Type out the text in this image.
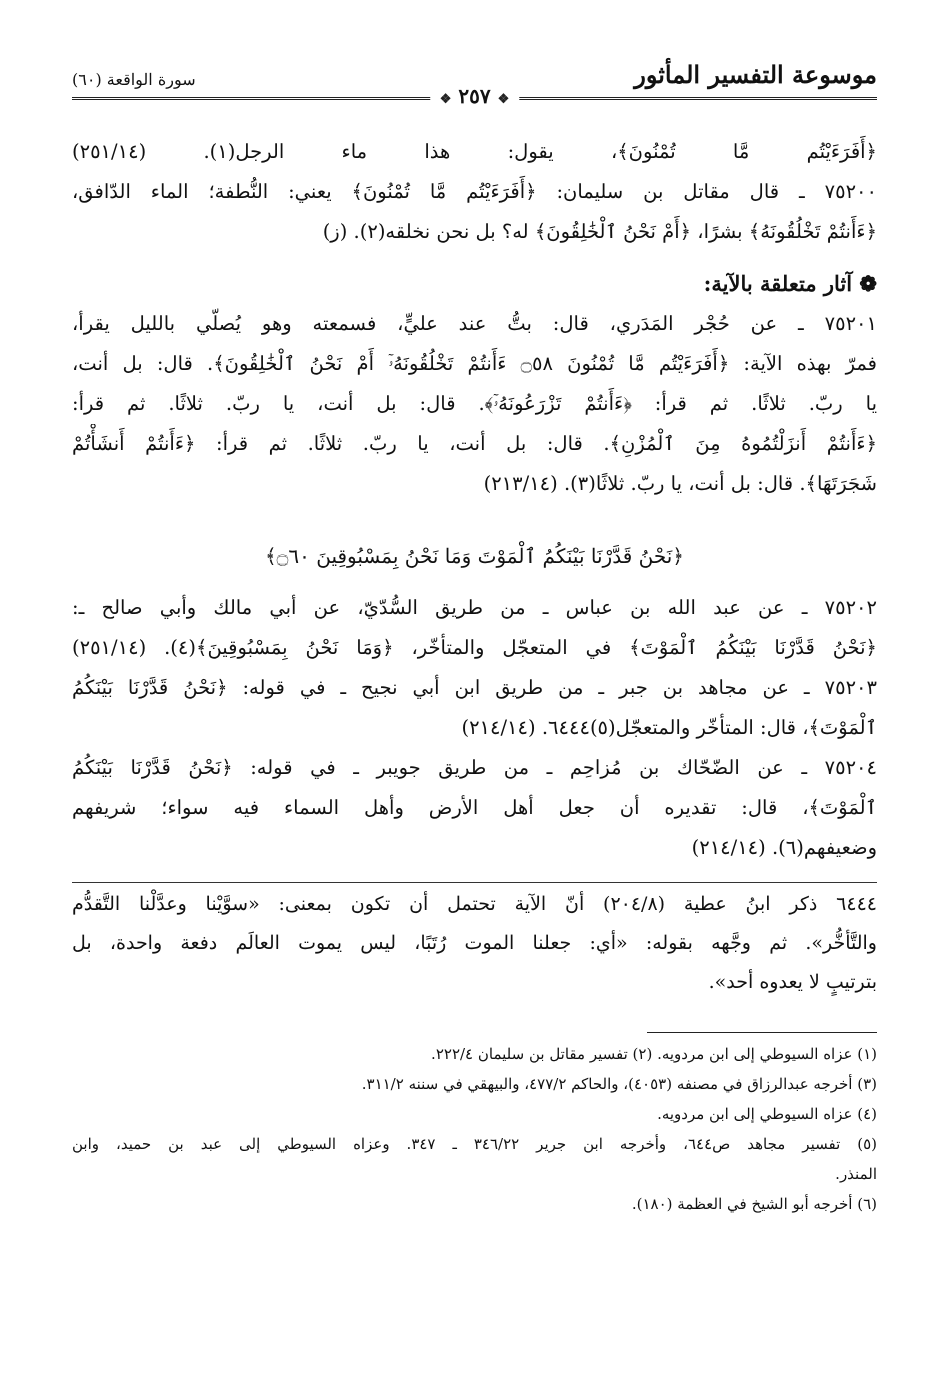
موسوعة التفسير المأثور
❖ ٢٥٧ ❖
سورة الواقعة (٦٠)
﴿أَفَرَءَيْتُم مَّا تُمْنُونَ﴾، يقول: هذا ماء الرجل(١). (٢٥١/١٤)
٧٥٢٠٠ ـ قال مقاتل بن سليمان: ﴿أَفَرَءَيْتُم مَّا تُمْنُونَ﴾ يعني: النُّطفة؛ الماء الدّافق،
﴿ءَأَنتُمْ تَخْلُقُونَهُ﴾ بشرًا، ﴿أَمْ نَحْنُ ٱلْخَٰلِقُونَ﴾ له؟ بل نحن نخلقه(٢). (ز)
❁ آثار متعلقة بالآية:
٧٥٢٠١ ـ عن حُجْر المَدَري، قال: بتُّ عند عليٍّ، فسمعته وهو يُصلّي بالليل يقرأ،
فمرّ بهذه الآية: ﴿أَفَرَءَيْتُم مَّا تُمْنُونَ ۝٥٨ ءَأَنتُمْ تَخْلُقُونَهُۥٓ أَمْ نَحْنُ ٱلْخَٰلِقُونَ﴾. قال: بل أنت،
يا ربّ. ثلاثًا. ثم قرأ: ﴿ءَأَنتُمْ تَزْرَعُونَهُۥٓ﴾. قال: بل أنت، يا ربّ. ثلاثًا. ثم قرأ:
﴿ءَأَنتُمْ أَنزَلْتُمُوهُ مِنَ ٱلْمُزْنِ﴾. قال: بل أنت، يا ربّ. ثلاثًا. ثم قرأ: ﴿ءَأَنتُمْ أَنشَأْتُمْ
شَجَرَتَهَا﴾. قال: بل أنت، يا ربّ. ثلاثًا(٣). (٢١٣/١٤)
﴿نَحْنُ قَدَّرْنَا بَيْنَكُمُ ٱلْمَوْتَ وَمَا نَحْنُ بِمَسْبُوقِينَ ۝٦٠﴾
٧٥٢٠٢ ـ عن عبد الله بن عباس ـ من طريق السُّدّيّ، عن أبي مالك وأبي صالح ـ:
﴿نَحْنُ قَدَّرْنَا بَيْنَكُمُ ٱلْمَوْتَ﴾ في المتعجّل والمتأخّر، ﴿وَمَا نَحْنُ بِمَسْبُوقِينَ﴾(٤). (٢٥١/١٤)
٧٥٢٠٣ ـ عن مجاهد بن جبر ـ من طريق ابن أبي نجيح ـ في قوله: ﴿نَحْنُ قَدَّرْنَا بَيْنَكُمُ
ٱلْمَوْتَ﴾، قال: المتأخّر والمتعجّل(٥)٦٤٤٤. (٢١٤/١٤)
٧٥٢٠٤ ـ عن الضّحّاك بن مُزاحِم ـ من طريق جويبر ـ في قوله: ﴿نَحْنُ قَدَّرْنَا بَيْنَكُمُ
ٱلْمَوْتَ﴾، قال: تقديره أن جعل أهل الأرض وأهل السماء فيه سواء؛ شريفهم
وضعيفهم(٦). (٢١٤/١٤)
٦٤٤٤ ذكر ابنُ عطية (٢٠٤/٨) أنّ الآية تحتمل أن تكون بمعنى: «سوَّيْنا وعدَّلْنا التَّقدُّم
والتَّأخُّر». ثم وجَّهه بقوله: «أي: جعلنا الموت رُتَبًا، ليس يموت العالَم دفعة واحدة، بل
بترتيبٍ لا يعدوه أحد».
(١) عزاه السيوطي إلى ابن مردويه. (٢) تفسير مقاتل بن سليمان ٢٢٢/٤.
(٣) أخرجه عبدالرزاق في مصنفه (٤٠٥٣)، والحاكم ٤٧٧/٢، والبيهقي في سننه ٣١١/٢.
(٤) عزاه السيوطي إلى ابن مردويه.
(٥) تفسير مجاهد ص٦٤٤، وأخرجه ابن جرير ٣٤٦/٢٢ ـ ٣٤٧. وعزاه السيوطي إلى عبد بن حميد، وابن
المنذر.
(٦) أخرجه أبو الشيخ في العظمة (١٨٠).
